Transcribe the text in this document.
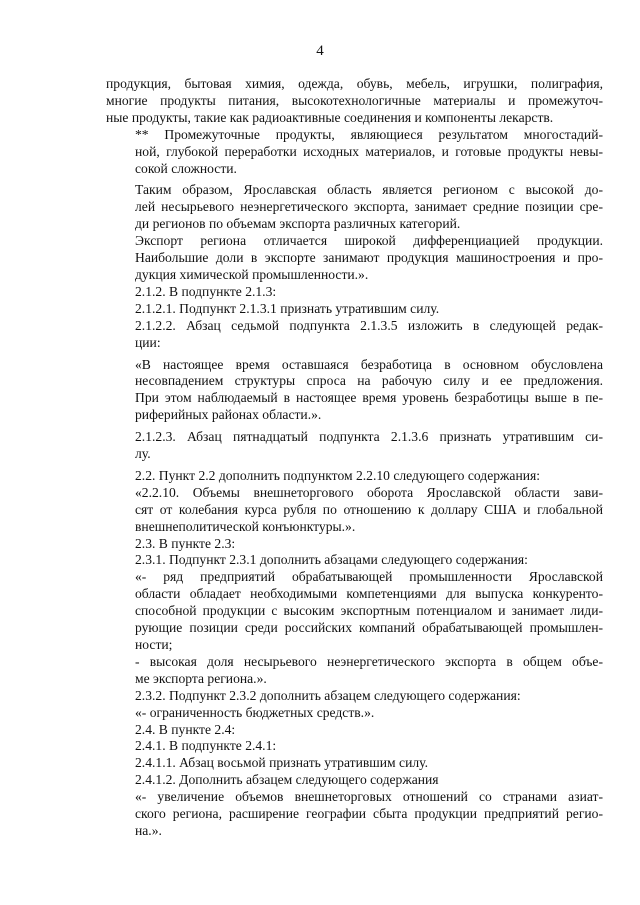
4
продукция, бытовая химия, одежда, обувь, мебель, игрушки, полиграфия,
многие продукты питания, высокотехнологичные материалы и промежуточ-
ные продукты, такие как радиоактивные соединения и компоненты лекарств.
** Промежуточные продукты, являющиеся результатом многостадий-
ной, глубокой переработки исходных материалов, и готовые продукты невы-
сокой сложности.
Таким образом, Ярославская область является регионом с высокой до-
лей несырьевого неэнергетического экспорта, занимает средние позиции сре-
ди регионов по объемам экспорта различных категорий.
Экспорт региона отличается широкой дифференциацией продукции.
Наибольшие доли в экспорте занимают продукция машиностроения и про-
дукция химической промышленности.».
2.1.2. В подпункте 2.1.3:
2.1.2.1. Подпункт 2.1.3.1 признать утратившим силу.
2.1.2.2. Абзац седьмой подпункта 2.1.3.5 изложить в следующей редак-
ции:
«В настоящее время оставшаяся безработица в основном обусловлена
несовпадением структуры спроса на рабочую силу и ее предложения.
При этом наблюдаемый в настоящее время уровень безработицы выше в пе-
риферийных районах области.».
2.1.2.3. Абзац пятнадцатый подпункта 2.1.3.6 признать утратившим си-
лу.
2.2. Пункт 2.2 дополнить подпунктом 2.2.10 следующего содержания:
«2.2.10. Объемы внешнеторгового оборота Ярославской области зави-
сят от колебания курса рубля по отношению к доллару США и глобальной
внешнеполитической конъюнктуры.».
2.3. В пункте 2.3:
2.3.1. Подпункт 2.3.1 дополнить абзацами следующего содержания:
«- ряд предприятий обрабатывающей промышленности Ярославской
области обладает необходимыми компетенциями для выпуска конкуренто-
способной продукции с высоким экспортным потенциалом и занимает лиди-
рующие позиции среди российских компаний обрабатывающей промышлен-
ности;
- высокая доля несырьевого неэнергетического экспорта в общем объе-
ме экспорта региона.».
2.3.2. Подпункт 2.3.2 дополнить абзацем следующего содержания:
«- ограниченность бюджетных средств.».
2.4. В пункте 2.4:
2.4.1. В подпункте 2.4.1:
2.4.1.1. Абзац восьмой признать утратившим силу.
2.4.1.2. Дополнить абзацем следующего содержания
«- увеличение объемов внешнеторговых отношений со странами азиат-
ского региона, расширение географии сбыта продукции предприятий регио-
на.».
